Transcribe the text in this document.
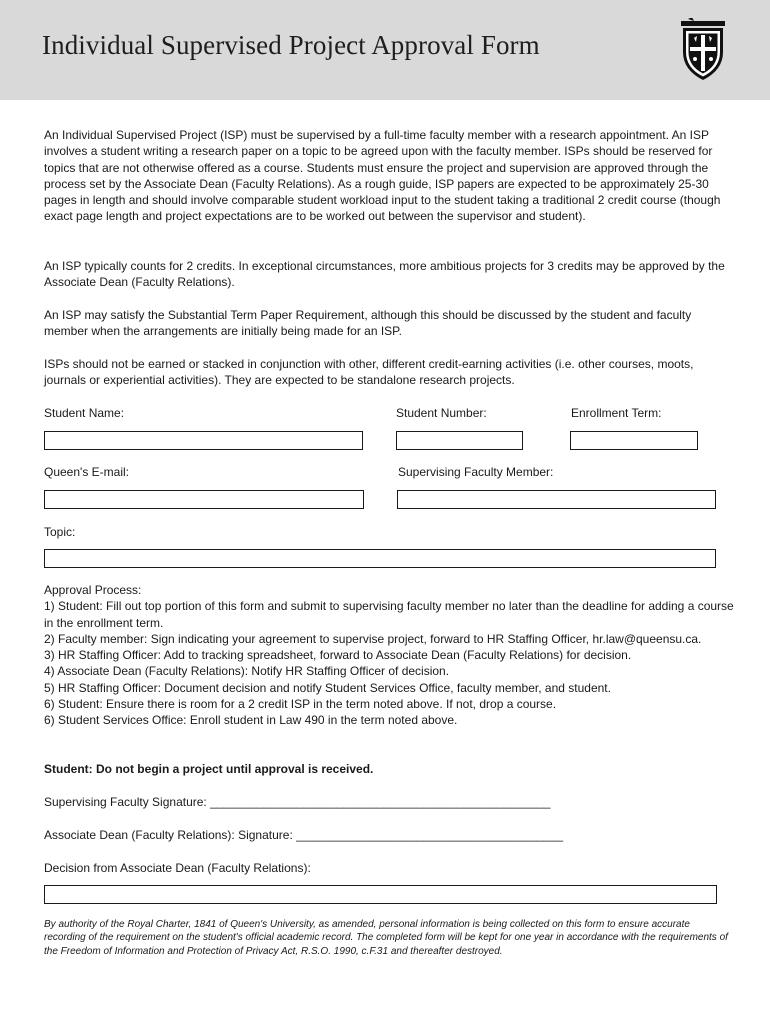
Individual Supervised Project Approval Form

An Individual Supervised Project (ISP) must be supervised by a full-time faculty member with a research appointment. An ISP involves a student writing a research paper on a topic to be agreed upon with the faculty member. ISPs should be reserved for topics that are not otherwise offered as a course. Students must ensure the project and supervision are approved through the process set by the Associate Dean (Faculty Relations). As a rough guide, ISP papers are expected to be approximately 25-30 pages in length and should involve comparable student workload input to the student taking a traditional 2 credit course (though exact page length and project expectations are to be worked out between the supervisor and student).

An ISP typically counts for 2 credits. In exceptional circumstances, more ambitious projects for 3 credits may be approved by the Associate Dean (Faculty Relations).

An ISP may satisfy the Substantial Term Paper Requirement, although this should be discussed by the student and faculty member when the arrangements are initially being made for an ISP.

ISPs should not be earned or stacked in conjunction with other, different credit-earning activities (i.e. other courses, moots, journals or experiential activities). They are expected to be standalone research projects.

Student Name:	Student Number:	Enrollment Term:

Queen's E-mail:	Supervising Faculty Member:

Topic:

Approval Process:
1) Student: Fill out top portion of this form and submit to supervising faculty member no later than the deadline for adding a course in the enrollment term.
2) Faculty member: Sign indicating your agreement to supervise project, forward to HR Staffing Officer, hr.law@queensu.ca.
3) HR Staffing Officer: Add to tracking spreadsheet, forward to Associate Dean (Faculty Relations) for decision.
4) Associate Dean (Faculty Relations): Notify HR Staffing Officer of decision.
5) HR Staffing Officer: Document decision and notify Student Services Office, faculty member, and student.
6) Student: Ensure there is room for a 2 credit ISP in the term noted above. If not, drop a course.
6) Student Services Office: Enroll student in Law 490 in the term noted above.

Student: Do not begin a project until approval is received.

Supervising Faculty Signature: ___________________________________________________

Associate Dean (Faculty Relations): Signature: ________________________________________

Decision from Associate Dean (Faculty Relations):

By authority of the Royal Charter, 1841 of Queen's University, as amended, personal information is being collected on this form to ensure accurate recording of the requirement on the student's official academic record. The completed form will be kept for one year in accordance with the requirements of the Freedom of Information and Protection of Privacy Act, R.S.O. 1990, c.F.31 and thereafter destroyed.
